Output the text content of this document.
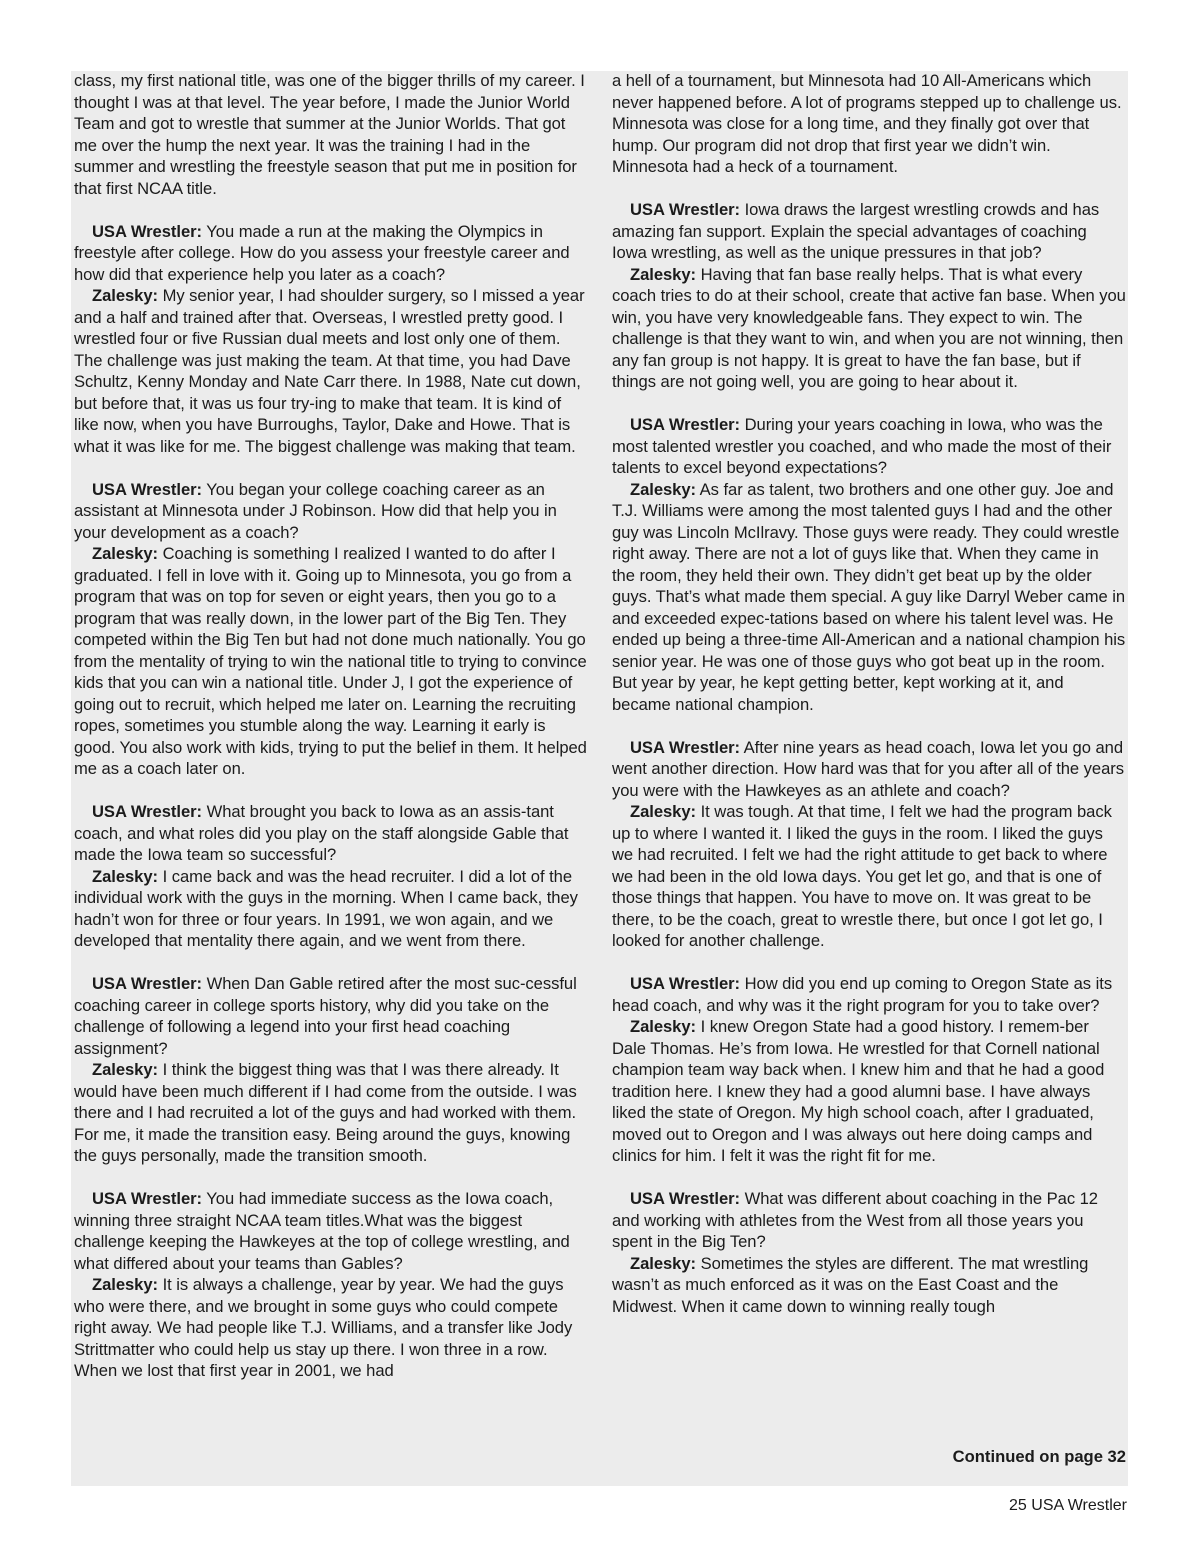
class, my first national title, was one of the bigger thrills of my career. I thought I was at that level. The year before, I made the Junior World Team and got to wrestle that summer at the Junior Worlds. That got me over the hump the next year. It was the training I had in the summer and wrestling the freestyle season that put me in position for that first NCAA title.

USA Wrestler: You made a run at the making the Olympics in freestyle after college. How do you assess your freestyle career and how did that experience help you later as a coach?

Zalesky: My senior year, I had shoulder surgery, so I missed a year and a half and trained after that. Overseas, I wrestled pretty good. I wrestled four or five Russian dual meets and lost only one of them. The challenge was just making the team. At that time, you had Dave Schultz, Kenny Monday and Nate Carr there. In 1988, Nate cut down, but before that, it was us four try-ing to make that team. It is kind of like now, when you have Burroughs, Taylor, Dake and Howe. That is what it was like for me. The biggest challenge was making that team.

USA Wrestler: You began your college coaching career as an assistant at Minnesota under J Robinson. How did that help you in your development as a coach?

Zalesky: Coaching is something I realized I wanted to do after I graduated. I fell in love with it. Going up to Minnesota, you go from a program that was on top for seven or eight years, then you go to a program that was really down, in the lower part of the Big Ten. They competed within the Big Ten but had not done much nationally. You go from the mentality of trying to win the national title to trying to convince kids that you can win a national title. Under J, I got the experience of going out to recruit, which helped me later on. Learning the recruiting ropes, sometimes you stumble along the way. Learning it early is good. You also work with kids, trying to put the belief in them. It helped me as a coach later on.

USA Wrestler: What brought you back to Iowa as an assis-tant coach, and what roles did you play on the staff alongside Gable that made the Iowa team so successful?

Zalesky: I came back and was the head recruiter. I did a lot of the individual work with the guys in the morning. When I came back, they hadn’t won for three or four years. In 1991, we won again, and we developed that mentality there again, and we went from there.

USA Wrestler: When Dan Gable retired after the most suc-cessful coaching career in college sports history, why did you take on the challenge of following a legend into your first head coaching assignment?

Zalesky: I think the biggest thing was that I was there already. It would have been much different if I had come from the outside. I was there and I had recruited a lot of the guys and had worked with them. For me, it made the transition easy. Being around the guys, knowing the guys personally, made the transition smooth.

USA Wrestler: You had immediate success as the Iowa coach, winning three straight NCAA team titles.What was the biggest challenge keeping the Hawkeyes at the top of college wrestling, and what differed about your teams than Gables?

Zalesky: It is always a challenge, year by year. We had the guys who were there, and we brought in some guys who could compete right away. We had people like T.J. Williams, and a transfer like Jody Strittmatter who could help us stay up there. I won three in a row. When we lost that first year in 2001, we had

a hell of a tournament, but Minnesota had 10 All-Americans which never happened before. A lot of programs stepped up to challenge us. Minnesota was close for a long time, and they finally got over that hump. Our program did not drop that first year we didn’t win. Minnesota had a heck of a tournament.

USA Wrestler: Iowa draws the largest wrestling crowds and has amazing fan support. Explain the special advantages of coaching Iowa wrestling, as well as the unique pressures in that job?

Zalesky: Having that fan base really helps. That is what every coach tries to do at their school, create that active fan base. When you win, you have very knowledgeable fans. They expect to win. The challenge is that they want to win, and when you are not winning, then any fan group is not happy. It is great to have the fan base, but if things are not going well, you are going to hear about it.

USA Wrestler: During your years coaching in Iowa, who was the most talented wrestler you coached, and who made the most of their talents to excel beyond expectations?

Zalesky: As far as talent, two brothers and one other guy. Joe and T.J. Williams were among the most talented guys I had and the other guy was Lincoln McIlravy. Those guys were ready. They could wrestle right away. There are not a lot of guys like that. When they came in the room, they held their own. They didn’t get beat up by the older guys. That’s what made them special. A guy like Darryl Weber came in and exceeded expec-tations based on where his talent level was. He ended up being a three-time All-American and a national champion his senior year. He was one of those guys who got beat up in the room. But year by year, he kept getting better, kept working at it, and became national champion.

USA Wrestler: After nine years as head coach, Iowa let you go and went another direction. How hard was that for you after all of the years you were with the Hawkeyes as an athlete and coach?

Zalesky: It was tough. At that time, I felt we had the program back up to where I wanted it. I liked the guys in the room. I liked the guys we had recruited. I felt we had the right attitude to get back to where we had been in the old Iowa days. You get let go, and that is one of those things that happen. You have to move on. It was great to be there, to be the coach, great to wrestle there, but once I got let go, I looked for another challenge.

USA Wrestler: How did you end up coming to Oregon State as its head coach, and why was it the right program for you to take over?

Zalesky: I knew Oregon State had a good history. I remem-ber Dale Thomas. He’s from Iowa. He wrestled for that Cornell national champion team way back when. I knew him and that he had a good tradition here. I knew they had a good alumni base. I have always liked the state of Oregon. My high school coach, after I graduated, moved out to Oregon and I was always out here doing camps and clinics for him. I felt it was the right fit for me.

USA Wrestler: What was different about coaching in the Pac 12 and working with athletes from the West from all those years you spent in the Big Ten?

Zalesky: Sometimes the styles are different. The mat wrestling wasn’t as much enforced as it was on the East Coast and the Midwest. When it came down to winning really tough

Continued on page 32
25 USA Wrestler
